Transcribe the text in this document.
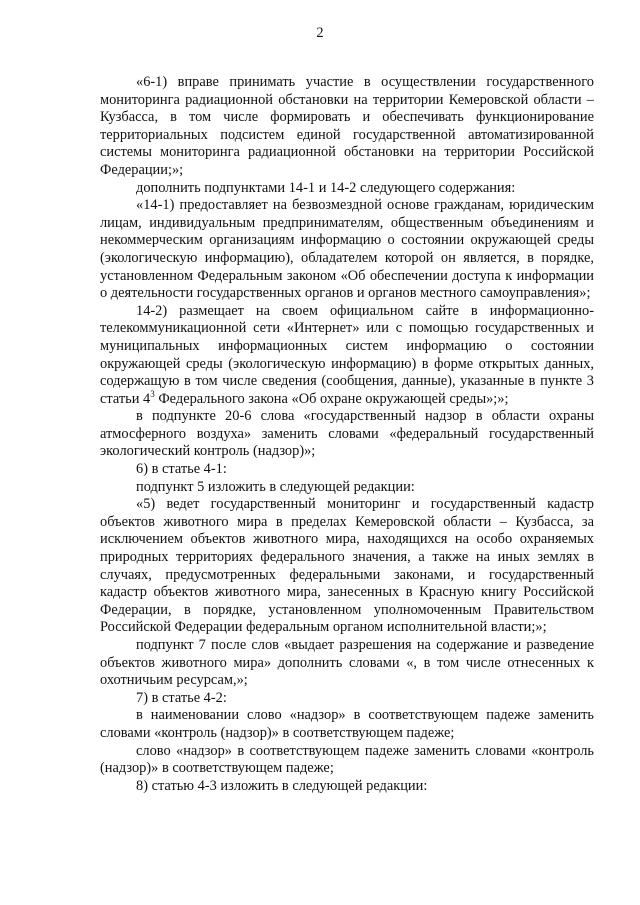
2

«6-1) вправе принимать участие в осуществлении государственного мониторинга радиационной обстановки на территории Кемеровской области – Кузбасса, в том числе формировать и обеспечивать функционирование территориальных подсистем единой государственной автоматизированной системы мониторинга радиационной обстановки на территории Российской Федерации;»;

дополнить подпунктами 14-1 и 14-2 следующего содержания:

«14-1) предоставляет на безвозмездной основе гражданам, юридическим лицам, индивидуальным предпринимателям, общественным объединениям и некоммерческим организациям информацию о состоянии окружающей среды (экологическую информацию), обладателем которой он является, в порядке, установленном Федеральным законом «Об обеспечении доступа к информации о деятельности государственных органов и органов местного самоуправления»;

14-2) размещает на своем официальном сайте в информационно-телекоммуникационной сети «Интернет» или с помощью государственных и муниципальных информационных систем информацию о состоянии окружающей среды (экологическую информацию) в форме открытых данных, содержащую в том числе сведения (сообщения, данные), указанные в пункте 3 статьи $4^3$ Федерального закона «Об охране окружающей среды»;»;

в подпункте 20-6 слова «государственный надзор в области охраны атмосферного воздуха» заменить словами «федеральный государственный экологический контроль (надзор)»;

6) в статье 4-1:

подпункт 5 изложить в следующей редакции:

«5) ведет государственный мониторинг и государственный кадастр объектов животного мира в пределах Кемеровской области – Кузбасса, за исключением объектов животного мира, находящихся на особо охраняемых природных территориях федерального значения, а также на иных землях в случаях, предусмотренных федеральными законами, и государственный кадастр объектов животного мира, занесенных в Красную книгу Российской Федерации, в порядке, установленном уполномоченным Правительством Российской Федерации федеральным органом исполнительной власти;»;

подпункт 7 после слов «выдает разрешения на содержание и разведение объектов животного мира» дополнить словами «, в том числе отнесенных к охотничьим ресурсам,»;

7) в статье 4-2:

в наименовании слово «надзор» в соответствующем падеже заменить словами «контроль (надзор)» в соответствующем падеже;

слово «надзор» в соответствующем падеже заменить словами «контроль (надзор)» в соответствующем падеже;

8) статью 4-3 изложить в следующей редакции:
